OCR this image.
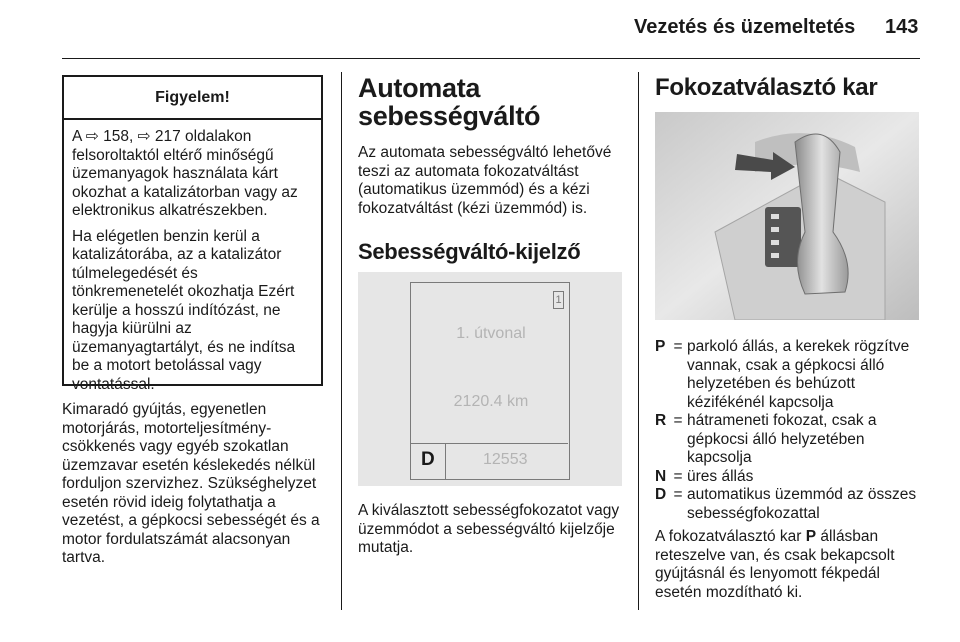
Vezetés és üzemeltetés 143
Figyelem!

A ⇨ 158, ⇨ 217 oldalakon felsoroltaktól eltérő minőségű üzemanyagok használata kárt okozhat a katalizátorban vagy az elektronikus alkatrészekben.

Ha elégetlen benzin kerül a katalizátorába, az a katalizátor túlmelegedését és tönkremenetelét okozhatja Ezért kerülje a hosszú indítózást, ne hagyja kiürülni az üzemanyagtartályt, és ne indítsa be a motort betolással vagy vontatással.

Kimaradó gyújtás, egyenetlen motorjárás, motorteljesítmény-csökkenés vagy egyéb szokatlan üzemzavar esetén késlekedés nélkül forduljon szervizhez. Szükséghelyzet esetén rövid ideig folytathatja a vezetést, a gépkocsi sebességét és a motor fordulatszámát alacsonyan tartva.

Automata sebességváltó

Az automata sebességváltó lehetővé teszi az automata fokozatváltást (automatikus üzemmód) és a kézi fokozatváltást (kézi üzemmód) is.

Sebességváltó-kijelző
1
1. útvonal
2120.4 km
D	12553

A kiválasztott sebességfokozatot vagy üzemmódot a sebességváltó kijelzője mutatja.

Fokozatválasztó kar
P = parkoló állás, a kerekek rögzítve vannak, csak a gépkocsi álló helyzetében és behúzott kézifékénél kapcsolja
R = hátrameneti fokozat, csak a gépkocsi álló helyzetében kapcsolja
N = üres állás
D = automatikus üzemmód az összes sebességfokozattal

A fokozatválasztó kar P állásban reteszelve van, és csak bekapcsolt gyújtásnál és lenyomott fékpedál esetén mozdítható ki.
